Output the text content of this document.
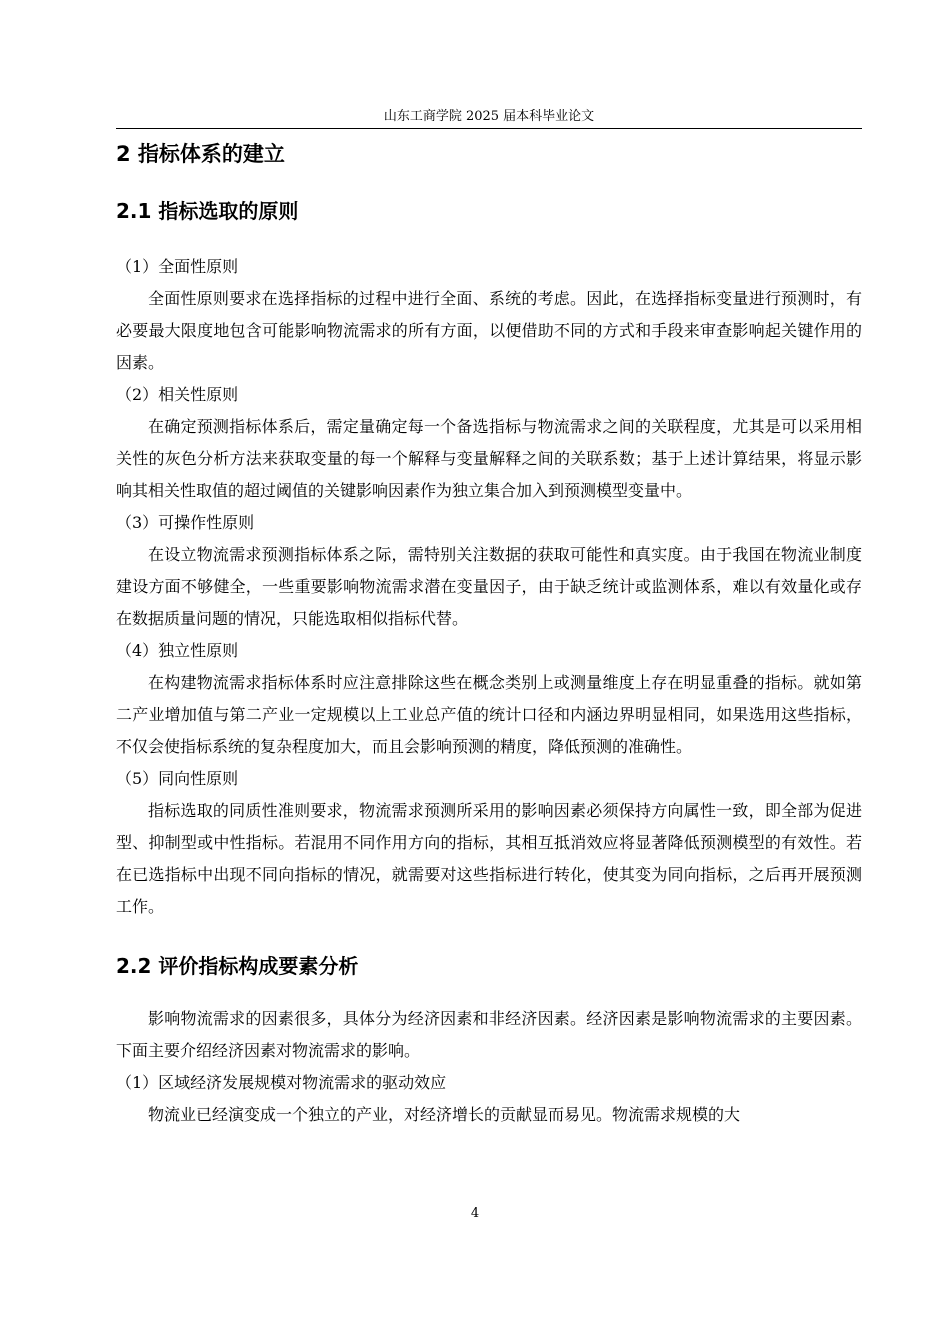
山东工商学院 2025 届本科毕业论文

2 指标体系的建立

2.1 指标选取的原则

（1）全面性原则

全面性原则要求在选择指标的过程中进行全面、系统的考虑。因此，在选择指标变量进行预测时，有必要最大限度地包含可能影响物流需求的所有方面，以便借助不同的方式和手段来审查影响起关键作用的因素。

（2）相关性原则

在确定预测指标体系后，需定量确定每一个备选指标与物流需求之间的关联程度，尤其是可以采用相关性的灰色分析方法来获取变量的每一个解释与变量解释之间的关联系数；基于上述计算结果，将显示影响其相关性取值的超过阈值的关键影响因素作为独立集合加入到预测模型变量中。

（3）可操作性原则

在设立物流需求预测指标体系之际，需特别关注数据的获取可能性和真实度。由于我国在物流业制度建设方面不够健全，一些重要影响物流需求潜在变量因子，由于缺乏统计或监测体系，难以有效量化或存在数据质量问题的情况，只能选取相似指标代替。

（4）独立性原则

在构建物流需求指标体系时应注意排除这些在概念类别上或测量维度上存在明显重叠的指标。就如第二产业增加值与第二产业一定规模以上工业总产值的统计口径和内涵边界明显相同，如果选用这些指标，不仅会使指标系统的复杂程度加大，而且会影响预测的精度，降低预测的准确性。

（5）同向性原则

指标选取的同质性准则要求，物流需求预测所采用的影响因素必须保持方向属性一致，即全部为促进型、抑制型或中性指标。若混用不同作用方向的指标，其相互抵消效应将显著降低预测模型的有效性。若在已选指标中出现不同向指标的情况，就需要对这些指标进行转化，使其变为同向指标，之后再开展预测工作。

2.2 评价指标构成要素分析

影响物流需求的因素很多，具体分为经济因素和非经济因素。经济因素是影响物流需求的主要因素。下面主要介绍经济因素对物流需求的影响。

（1）区域经济发展规模对物流需求的驱动效应

物流业已经演变成一个独立的产业，对经济增长的贡献显而易见。物流需求规模的大

4
